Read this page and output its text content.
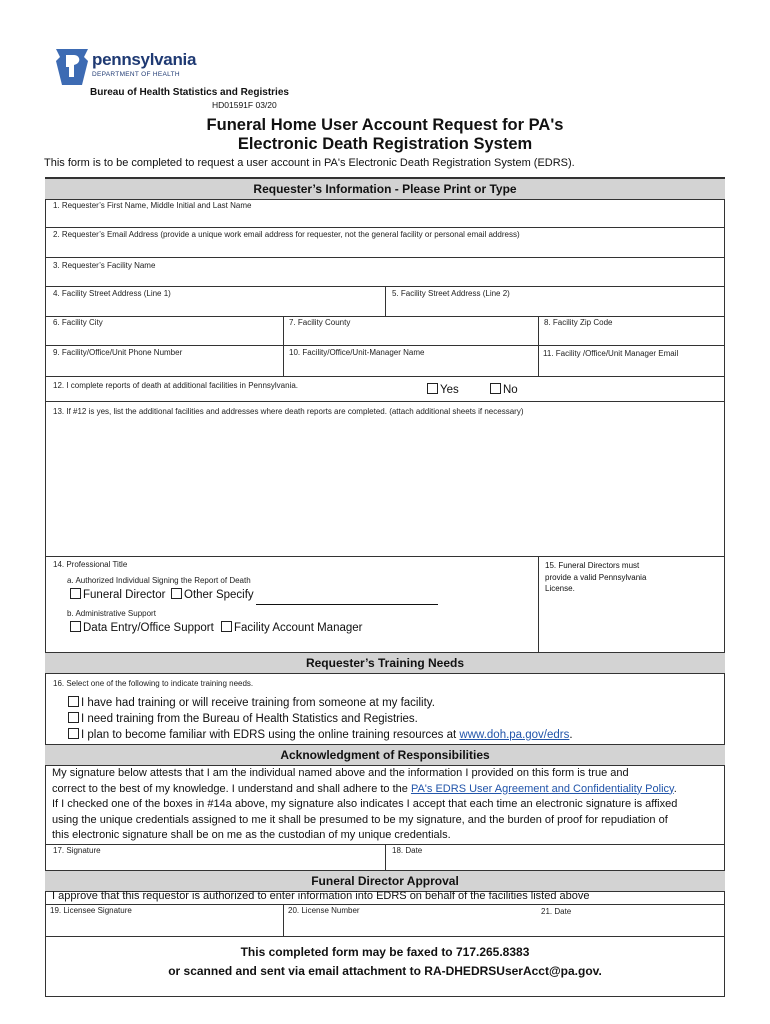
pennsylvania
DEPARTMENT OF HEALTH
Bureau of Health Statistics and Registries
HD01591F 03/20
Funeral Home User Account Request for PA's
Electronic Death Registration System
This form is to be completed to request a user account in PA's Electronic Death Registration System (EDRS).
Requester’s Information - Please Print or Type
1. Requester’s First Name, Middle Initial and Last Name
2. Requester’s Email Address (provide a unique work email address for requester, not the general facility or personal email address)
3. Requester’s Facility Name
4. Facility Street Address (Line 1)	5. Facility Street Address (Line 2)
6. Facility City	7. Facility County	8. Facility Zip Code
9. Facility/Office/Unit Phone Number	10. Facility/Office/Unit-Manager Name	11. Facility /Office/Unit Manager Email
12. I complete reports of death at additional facilities in Pennsylvania.	Yes	No
13. If #12 is yes, list the additional facilities and addresses where death reports are completed. (attach additional sheets if necessary)
14. Professional Title
a. Authorized Individual Signing the Report of Death
Funeral Director	Other Specify
b. Administrative Support
Data Entry/Office Support	Facility Account Manager
15. Funeral Directors must provide a valid Pennsylvania License.
Requester’s Training Needs
16. Select one of the following to indicate training needs.
I have had training or will receive training from someone at my facility.
I need training from the Bureau of Health Statistics and Registries.
I plan to become familiar with EDRS using the online training resources at www.doh.pa.gov/edrs.
Acknowledgment of Responsibilities
My signature below attests that I am the individual named above and the information I provided on this form is true and
correct to the best of my knowledge. I understand and shall adhere to the PA's EDRS User Agreement and Confidentiality Policy.
If I checked one of the boxes in #14a above, my signature also indicates I accept that each time an electronic signature is affixed
using the unique credentials assigned to me it shall be presumed to be my signature, and the burden of proof for repudiation of
this electronic signature shall be on me as the custodian of my unique credentials.
17. Signature	18. Date
Funeral Director Approval
I approve that this requestor is authorized to enter information into EDRS on behalf of the facilities listed above
19. Licensee Signature	20. License Number	21. Date
This completed form may be faxed to 717.265.8383
or scanned and sent via email attachment to RA-DHEDRSUserAcct@pa.gov.
